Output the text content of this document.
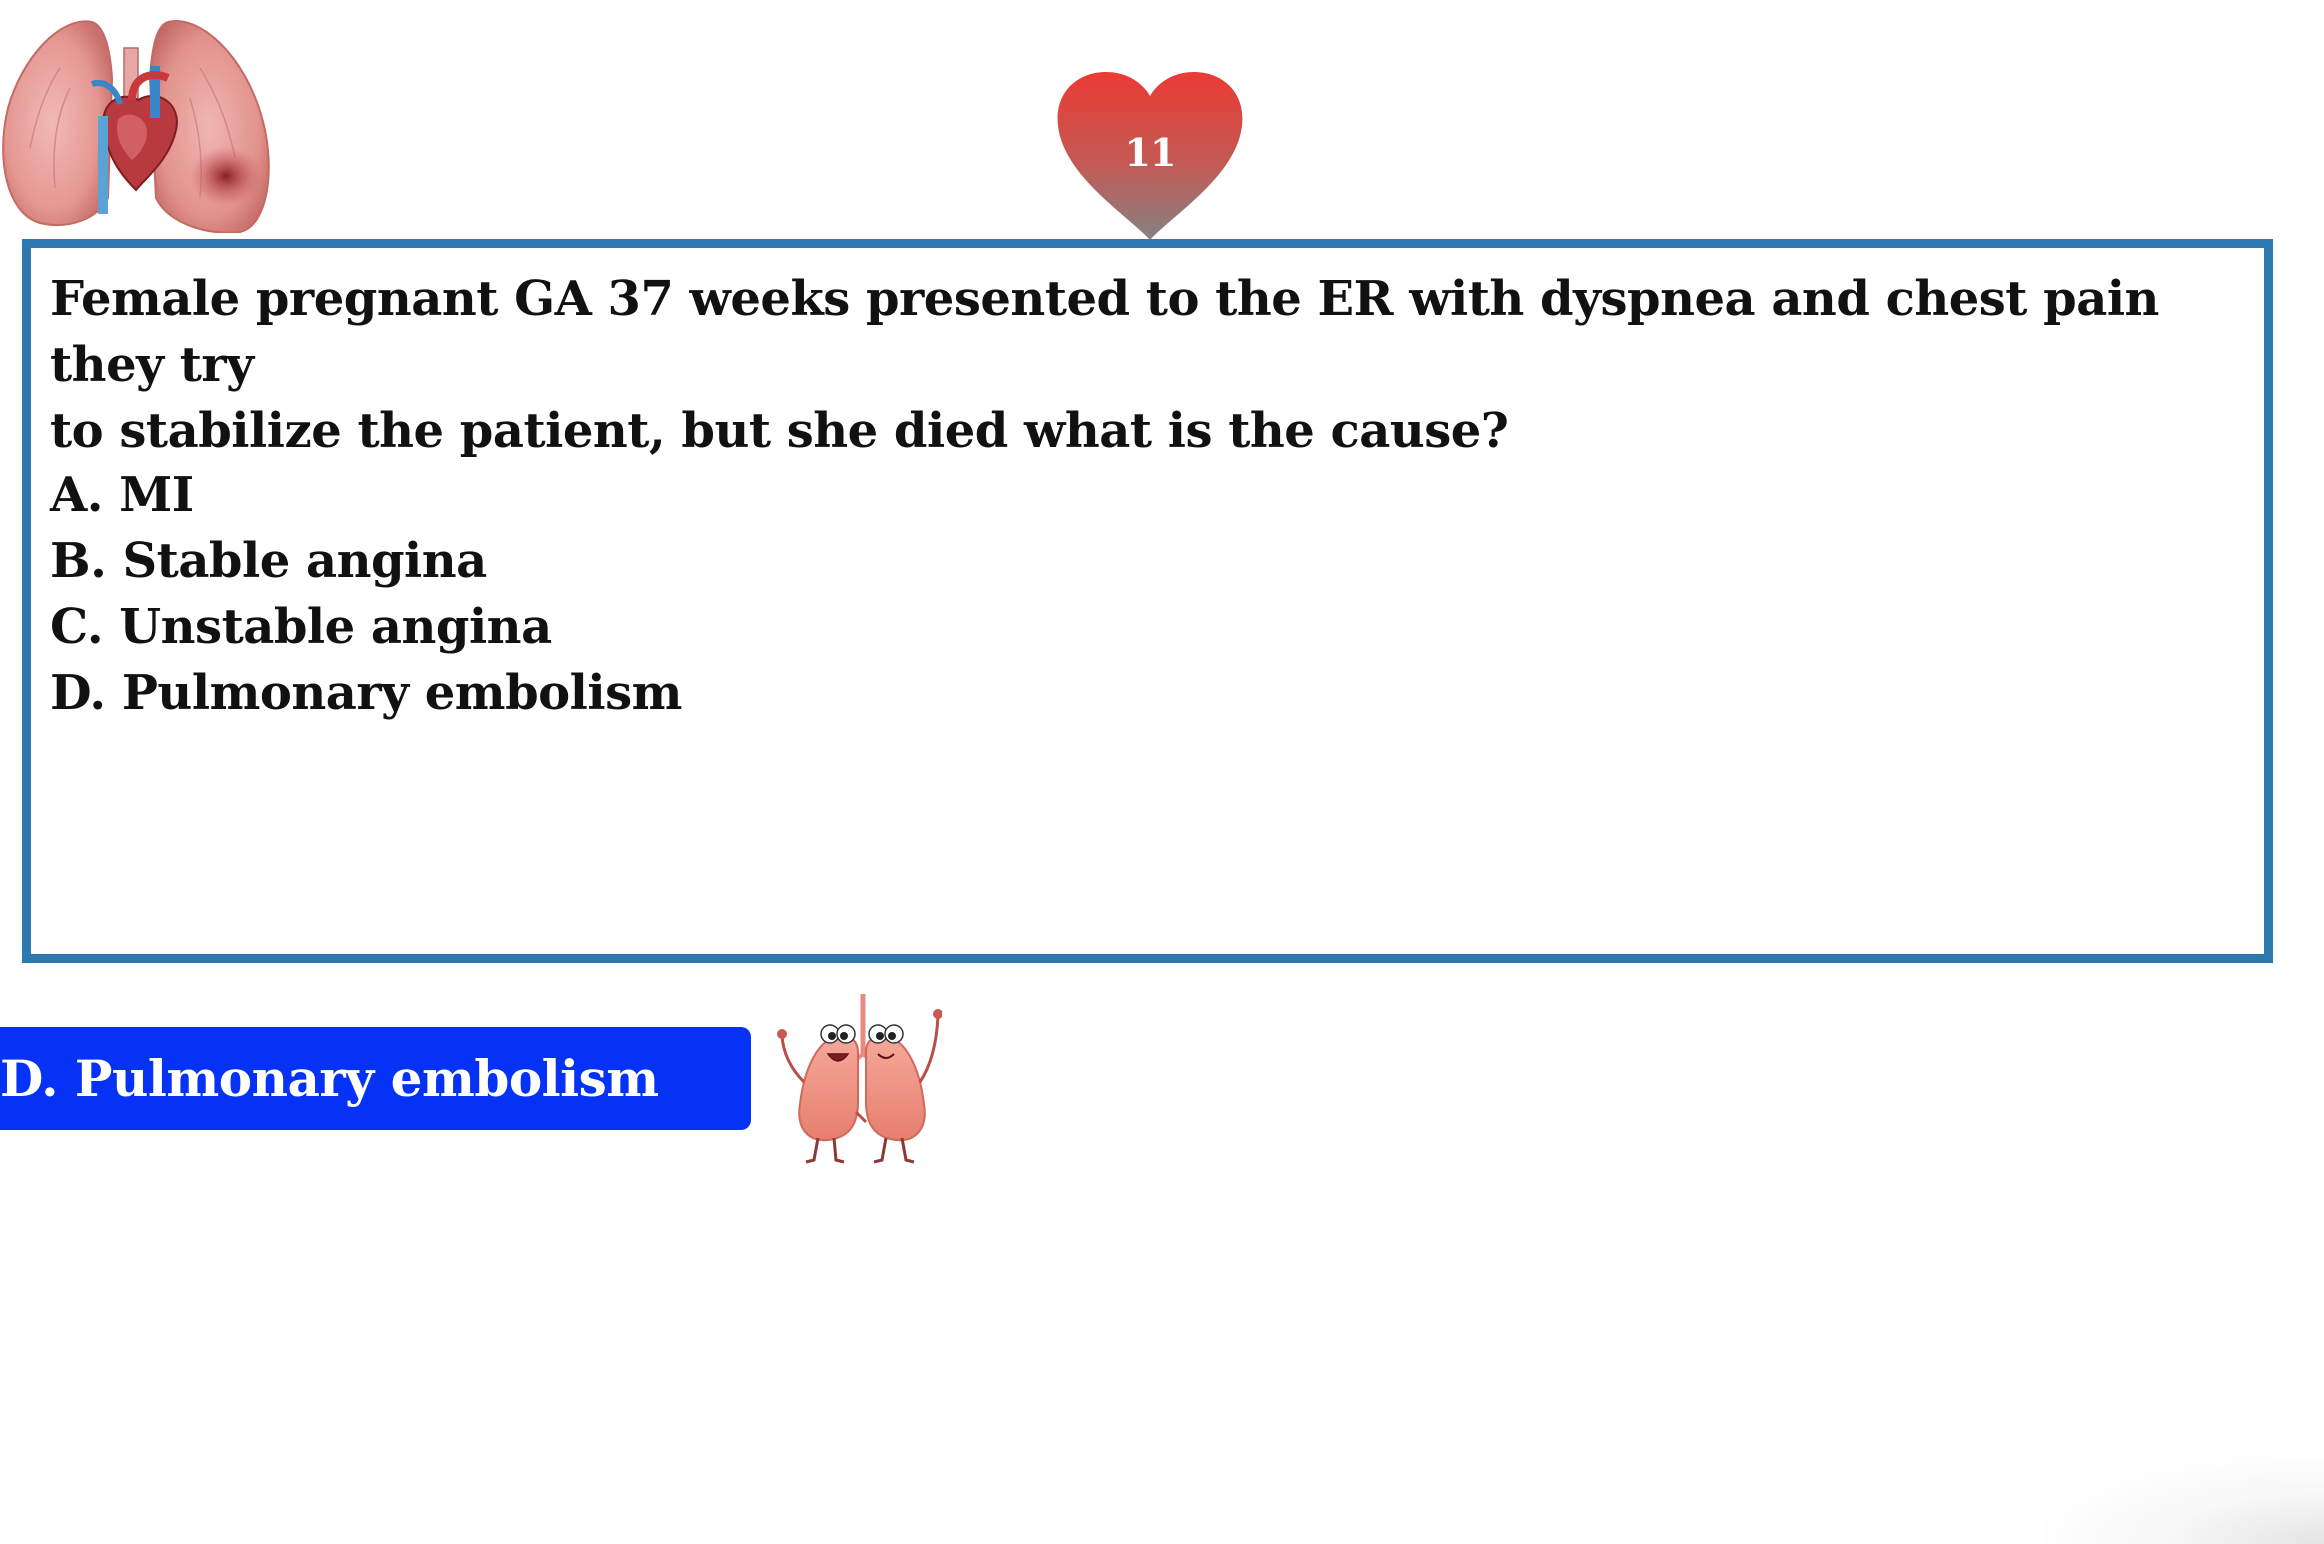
11
Female pregnant GA 37 weeks presented to the ER with dyspnea and chest pain they try
to stabilize the patient, but she died what is the cause?
A. MI
B. Stable angina
C. Unstable angina
D. Pulmonary embolism
D. Pulmonary embolism
